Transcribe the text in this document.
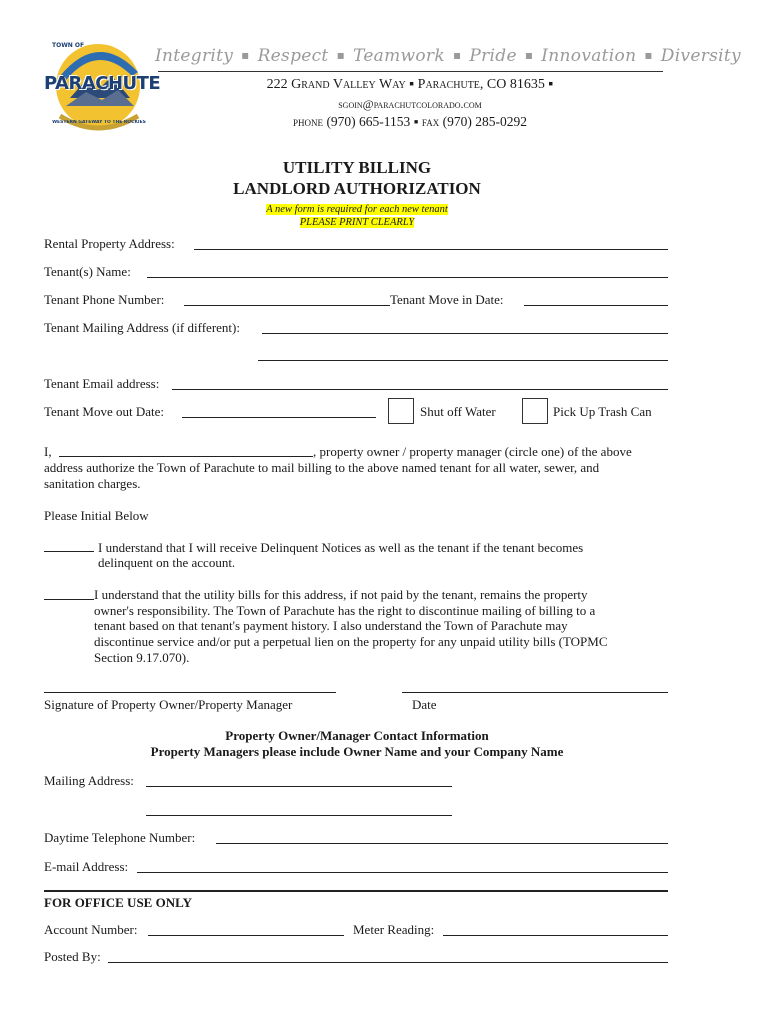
TOWN OF
PARACHUTE
WESTERN GATEWAY TO THE ROCKIES
Integrity ▪ Respect ▪ Teamwork ▪ Pride ▪ Innovation ▪ Diversity
222 Grand Valley Way ▪ Parachute, CO 81635 ▪
sgoin@parachutcolorado.com
phone (970) 665-1153 ▪ fax (970) 285-0292
UTILITY BILLING
LANDLORD AUTHORIZATION
A new form is required for each new tenant
PLEASE PRINT CLEARLY
Rental Property Address:
Tenant(s) Name:
Tenant Phone Number:	Tenant Move in Date:
Tenant Mailing Address (if different):
Tenant Email address:
Tenant Move out Date:	Shut off Water	Pick Up Trash Can
I,	, property owner / property manager (circle one) of the above
address authorize the Town of Parachute to mail billing to the above named tenant for all water, sewer, and
sanitation charges.
Please Initial Below
I understand that I will receive Delinquent Notices as well as the tenant if the tenant becomes
delinquent on the account.
I understand that the utility bills for this address, if not paid by the tenant, remains the property
owner's responsibility. The Town of Parachute has the right to discontinue mailing of billing to a
tenant based on that tenant's payment history. I also understand the Town of Parachute may
discontinue service and/or put a perpetual lien on the property for any unpaid utility bills (TOPMC
Section 9.17.070).
Signature of Property Owner/Property Manager	Date
Property Owner/Manager Contact Information
Property Managers please include Owner Name and your Company Name
Mailing Address:
Daytime Telephone Number:
E-mail Address:
FOR OFFICE USE ONLY
Account Number:	Meter Reading:
Posted By:
